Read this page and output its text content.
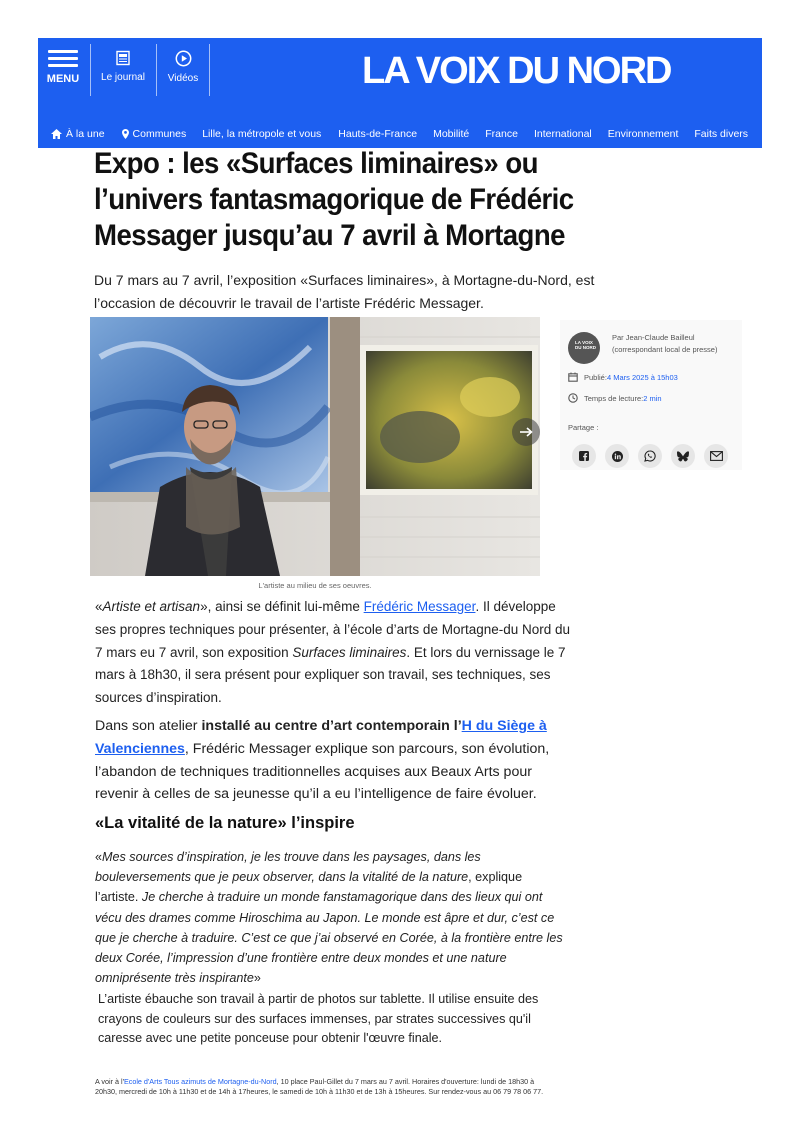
MENU	Le journal	Vidéos	LA VOIX DU NORD
À la une	Communes Lille, la métropole et vous Hauts-de-France Mobilité France International Environnement Faits divers
Expo : les «Surfaces liminaires» ou l’univers fantasmagorique de Frédéric Messager jusqu’au 7 avril à Mortagne

Du 7 mars au 7 avril, l’exposition «Surfaces liminaires», à Mortagne-du-Nord, est l’occasion de découvrir le travail de l’artiste Frédéric Messager.

L'artiste au milieu de ses oeuvres.
LA VOIX DU NORD
Par Jean-Claude Bailleul
(correspondant local de presse)
Publié: 4 Mars 2025 à 15h03
Temps de lecture: 2 min
Partage :

«Artiste et artisan», ainsi se définit lui-même Frédéric Messager. Il développe ses propres techniques pour présenter, à l’école d’arts de Mortagne-du Nord du 7 mars eu 7 avril, son exposition Surfaces liminaires. Et lors du vernissage le 7 mars à 18h30, il sera présent pour expliquer son travail, ses techniques, ses sources d’inspiration.

Dans son atelier installé au centre d’art contemporain l’H du Siège à Valenciennes, Frédéric Messager explique son parcours, son évolution, l’abandon de techniques traditionnelles acquises aux Beaux Arts pour revenir à celles de sa jeunesse qu’il a eu l’intelligence de faire évoluer.

«La vitalité de la nature» l’inspire

«Mes sources d’inspiration, je les trouve dans les paysages, dans les bouleversements que je peux observer, dans la vitalité de la nature, explique l’artiste. Je cherche à traduire un monde fanstamagorique dans des lieux qui ont vécu des drames comme Hiroschima au Japon. Le monde est âpre et dur, c’est ce que je cherche à traduire. C’est ce que j’ai observé en Corée, à la frontière entre les deux Corée, l’impression d’une frontière entre deux mondes et une nature omniprésente très inspirante»

L’artiste ébauche son travail à partir de photos sur tablette. Il utilise ensuite des crayons de couleurs sur des surfaces immenses, par strates successives qu'il caresse avec une petite ponceuse pour obtenir l'œuvre finale.

A voir à l'Ecole d'Arts Tous azimuts de Mortagne-du-Nord, 10 place Paul-Gillet du 7 mars au 7 avril. Horaires d'ouverture: lundi de 18h30 à 20h30, mercredi de 10h à 11h30 et de 14h à 17heures, le samedi de 10h à 11h30 et de 13h à 15heures. Sur rendez-vous au 06 79 78 06 77.
